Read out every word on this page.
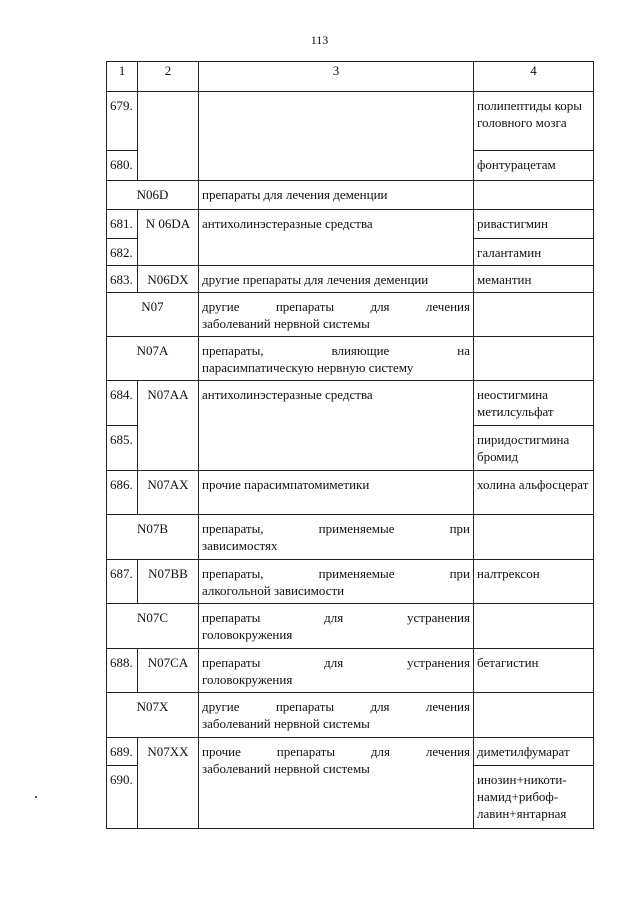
113
1	2	3	4
679.			полипептиды коры головного мозга
680.			фонтурацетам
N06D		препараты для лечения деменции	
681.	N 06DA	антихолинэстеразные средства	ривастигмин
682.			галантамин
683.	N06DX	другие препараты для лечения деменции	мемантин
N07		другие препараты для лечения
заболеваний нервной системы	
N07A		препараты, влияющие на
парасимпатическую нервную систему	
684.	N07AA	антихолинэстеразные средства	неостигмина метилсульфат
685.			пиридостигмина бромид
686.	N07AX	прочие парасимпатомиметики	холина альфосцерат
N07B		препараты, применяемые при
зависимостях	
687.	N07BB	препараты, применяемые при
алкогольной зависимости	налтрексон
N07C		препараты для устранения
головокружения	
688.	N07CA	препараты для устранения
головокружения	бетагистин
N07X		другие препараты для лечения
заболеваний нервной системы	
689.	N07XX	прочие препараты для лечения
заболеваний нервной системы	диметилфумарат
690.			инозин+никоти-намид+рибоф-лавин+янтарная
